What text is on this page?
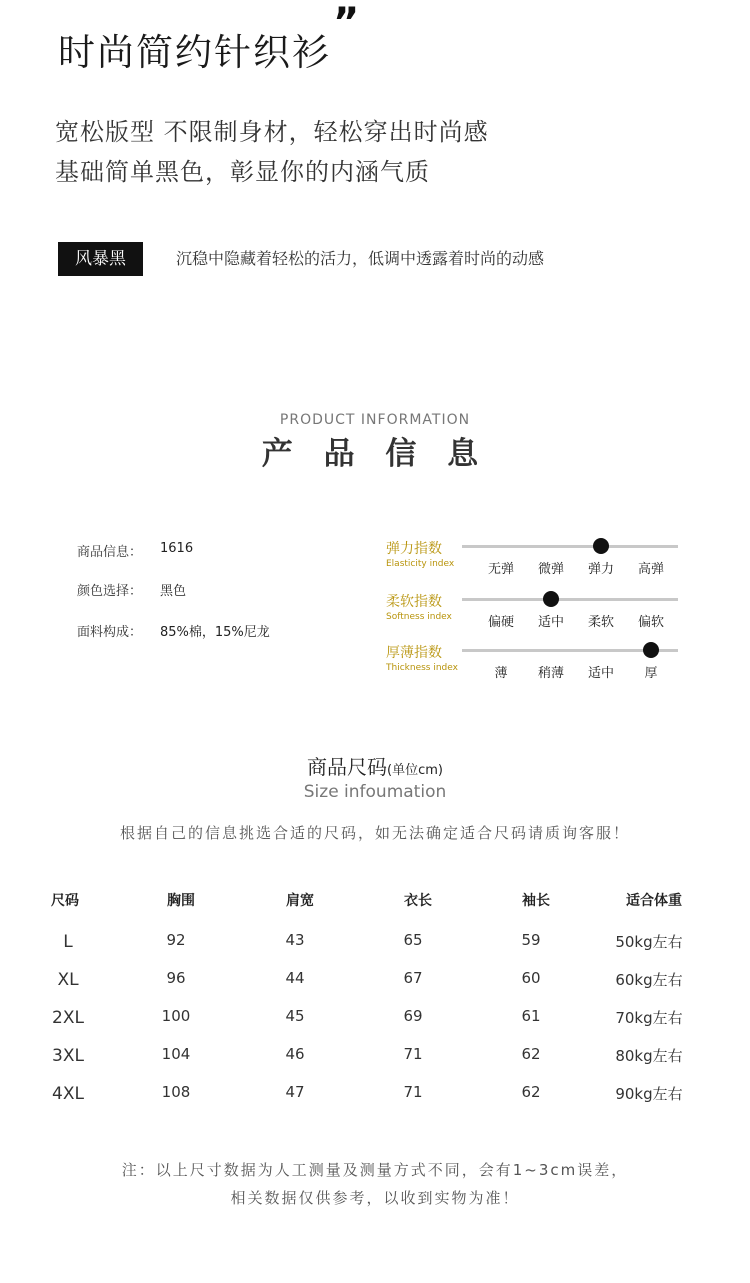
时尚简约针织衫
”
宽松版型 不限制身材，轻松穿出时尚感
基础简单黑色，彰显你的内涵气质
风暴黑	沉稳中隐藏着轻松的活力，低调中透露着时尚的动感
PRODUCT INFORMATION
产 品 信 息
商品信息： 1616
颜色选择： 黑色
面料构成： 85%棉，15%尼龙
弹力指数
Elasticity index	无弹	微弹	弹力	高弹
柔软指数
Softness index	偏硬	适中	柔软	偏软
厚薄指数
Thickness index	薄	稍薄	适中	厚
商品尺码(单位cm)
Size infoumation
根据自己的信息挑选合适的尺码，如无法确定适合尺码请质询客服！
尺码	胸围	肩宽	衣长	袖长	适合体重
L	92	43	65	59	50kg左右
XL	96	44	67	60	60kg左右
2XL	100	45	69	61	70kg左右
3XL	104	46	71	62	80kg左右
4XL	108	47	71	62	90kg左右
注：以上尺寸数据为人工测量及测量方式不同，会有1~3cm误差，
相关数据仅供参考，以收到实物为准！
